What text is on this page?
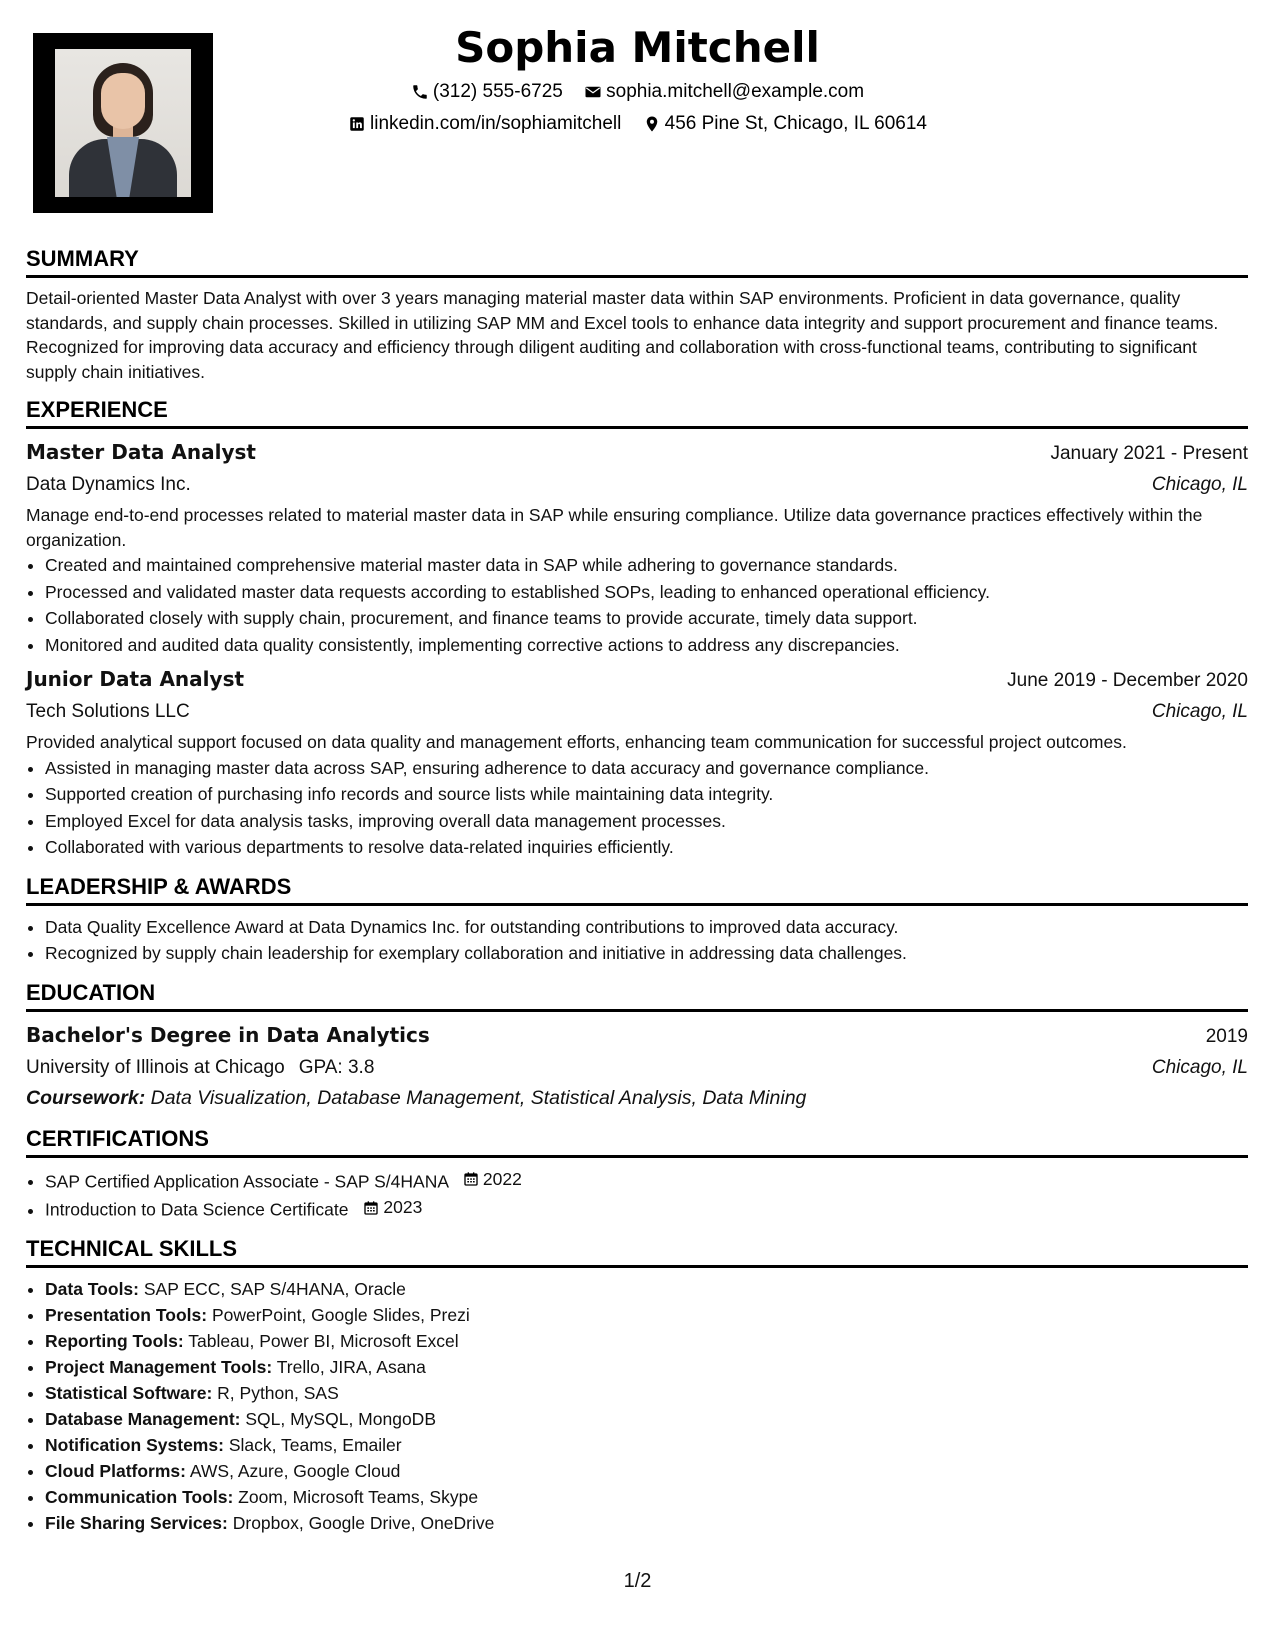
Sophia Mitchell
(312) 555-6725
sophia.mitchell@example.com
linkedin.com/in/sophiamitchell
456 Pine St, Chicago, IL 60614
SUMMARY

Detail-oriented Master Data Analyst with over 3 years managing material master data within SAP environments. Proficient in data governance, quality standards, and supply chain processes. Skilled in utilizing SAP MM and Excel tools to enhance data integrity and support procurement and finance teams. Recognized for improving data accuracy and efficiency through diligent auditing and collaboration with cross-functional teams, contributing to significant supply chain initiatives.

EXPERIENCE
Master Data Analyst	January 2021 - Present
Data Dynamics Inc.	Chicago, IL

Manage end-to-end processes related to material master data in SAP while ensuring compliance. Utilize data governance practices effectively within the organization.

• Created and maintained comprehensive material master data in SAP while adhering to governance standards.
• Processed and validated master data requests according to established SOPs, leading to enhanced operational efficiency.
• Collaborated closely with supply chain, procurement, and finance teams to provide accurate, timely data support.
• Monitored and audited data quality consistently, implementing corrective actions to address any discrepancies.
Junior Data Analyst	June 2019 - December 2020
Tech Solutions LLC	Chicago, IL

Provided analytical support focused on data quality and management efforts, enhancing team communication for successful project outcomes.

• Assisted in managing master data across SAP, ensuring adherence to data accuracy and governance compliance.
• Supported creation of purchasing info records and source lists while maintaining data integrity.
• Employed Excel for data analysis tasks, improving overall data management processes.
• Collaborated with various departments to resolve data-related inquiries efficiently.
LEADERSHIP & AWARDS
• Data Quality Excellence Award at Data Dynamics Inc. for outstanding contributions to improved data accuracy.
• Recognized by supply chain leadership for exemplary collaboration and initiative in addressing data challenges.
EDUCATION
Bachelor's Degree in Data Analytics	2019
University of Illinois at Chicago GPA: 3.8	Chicago, IL
Coursework: Data Visualization, Database Management, Statistical Analysis, Data Mining
CERTIFICATIONS
• SAP Certified Application Associate - SAP S/4HANA 2022
• Introduction to Data Science Certificate 2023
TECHNICAL SKILLS
• Data Tools: SAP ECC, SAP S/4HANA, Oracle
• Presentation Tools: PowerPoint, Google Slides, Prezi
• Reporting Tools: Tableau, Power BI, Microsoft Excel
• Project Management Tools: Trello, JIRA, Asana
• Statistical Software: R, Python, SAS
• Database Management: SQL, MySQL, MongoDB
• Notification Systems: Slack, Teams, Emailer
• Cloud Platforms: AWS, Azure, Google Cloud
• Communication Tools: Zoom, Microsoft Teams, Skype
• File Sharing Services: Dropbox, Google Drive, OneDrive
1/2
